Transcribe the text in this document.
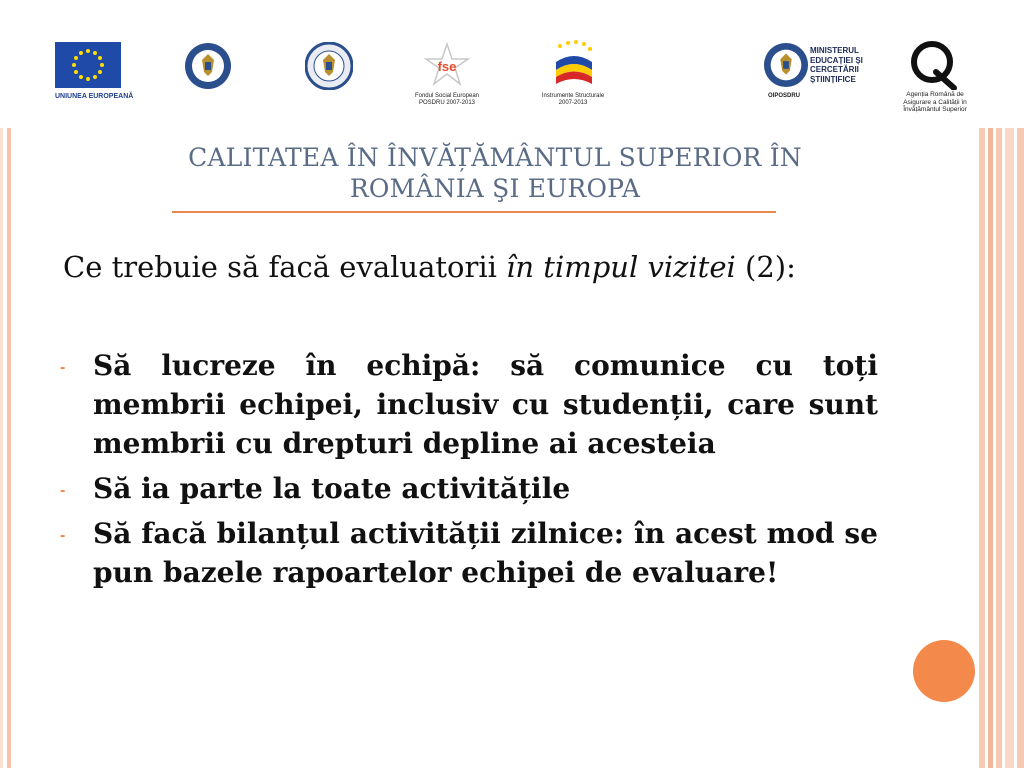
UNIUNEA EUROPEANĂ
fse
Fondul Social European
POSDRU 2007-2013
Instrumente Structurale
2007-2013
OIPOSDRU
MINISTERUL
EDUCAȚIEI ȘI
CERCETĂRII
ȘTIINȚIFICE
Agenția Română de
Asigurare a Calității în
Învățământul Superior
CALITATEA ÎN ÎNVĂȚĂMÂNTUL SUPERIOR ÎN
ROMÂNIA ŞI EUROPA
Ce trebuie să facă evaluatorii în timpul vizitei (2):
- Să lucreze în echipă: să comunice cu toți membrii echipei, inclusiv cu studenții, care sunt membrii cu drepturi depline ai acesteia
- Să ia parte la toate activitățile
- Să facă bilanțul activității zilnice: în acest mod se pun bazele rapoartelor echipei de evaluare!
